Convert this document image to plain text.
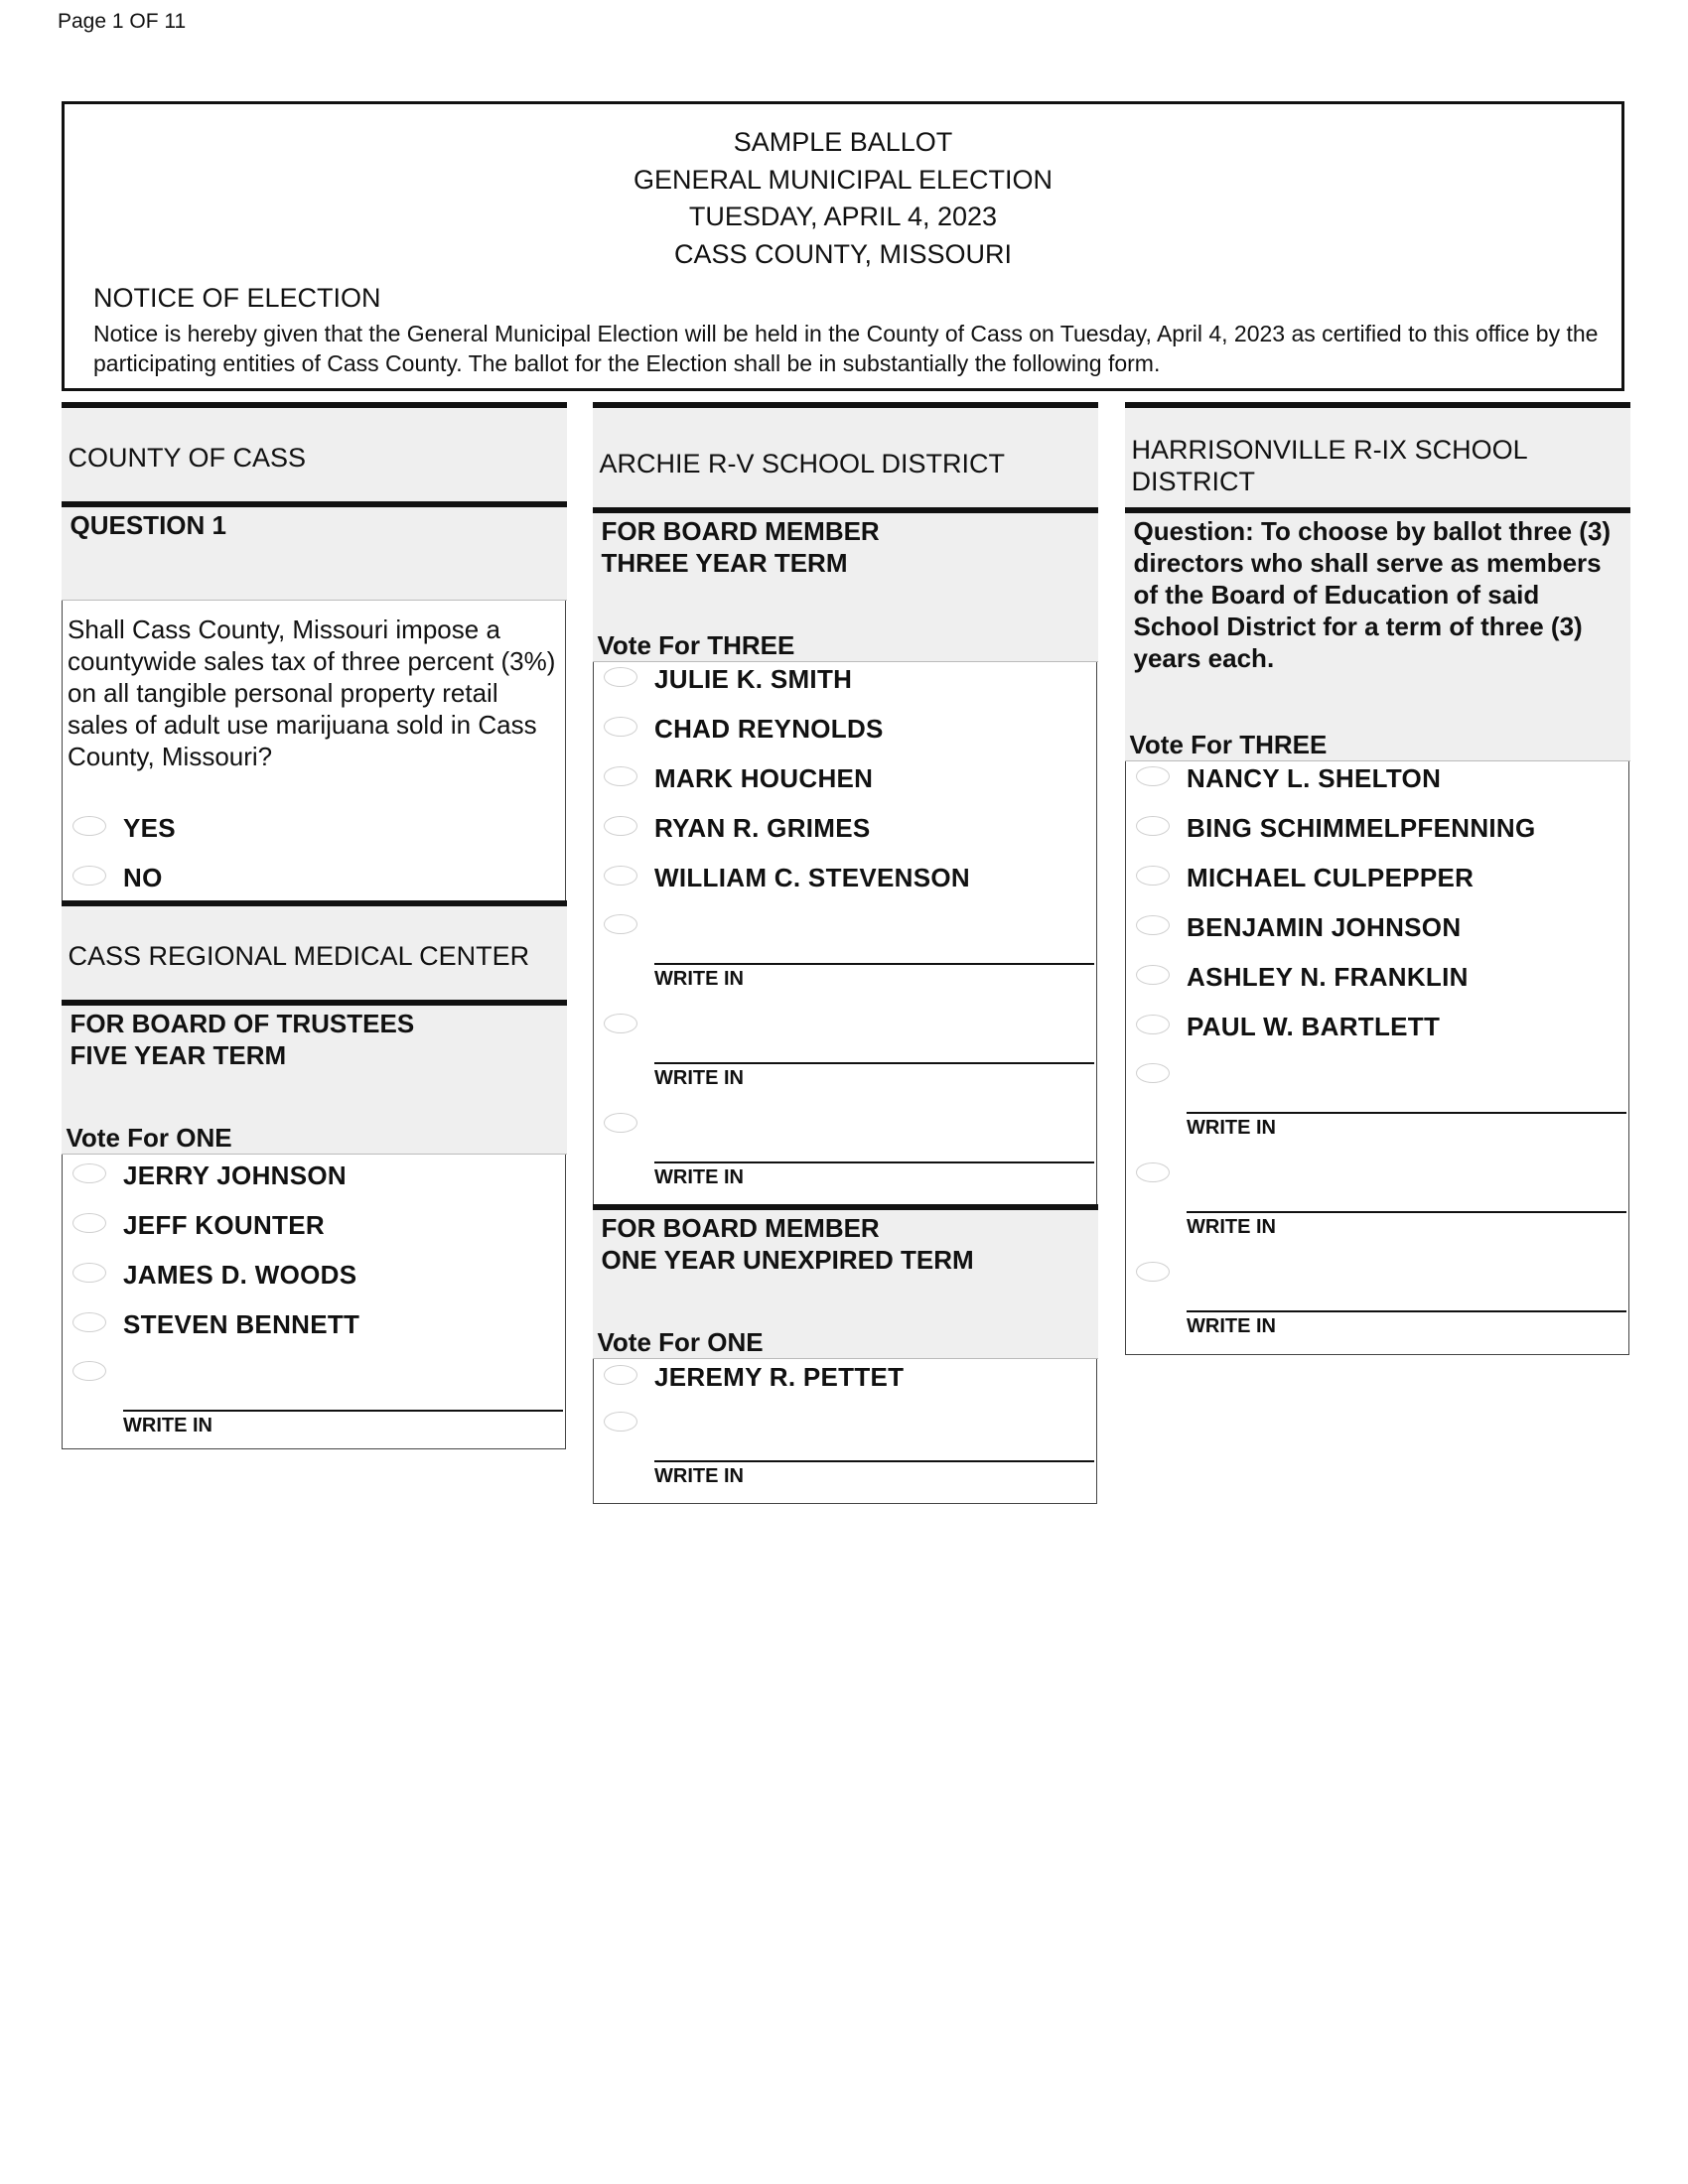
Page 1 OF 11
SAMPLE BALLOT
GENERAL MUNICIPAL ELECTION
TUESDAY, APRIL 4, 2023
CASS COUNTY, MISSOURI
NOTICE OF ELECTION
Notice is hereby given that the General Municipal Election will be held in the County of Cass on Tuesday, April 4, 2023 as certified to this office by the participating entities of Cass County. The ballot for the Election shall be in substantially the following form.
COUNTY OF CASS
QUESTION 1
Shall Cass County, Missouri impose a countywide sales tax of three percent (3%) on all tangible personal property retail sales of adult use marijuana sold in Cass County, Missouri?
YES
NO
CASS REGIONAL MEDICAL CENTER
FOR BOARD OF TRUSTEES
FIVE YEAR TERM
Vote For ONE
JERRY JOHNSON
JEFF KOUNTER
JAMES D. WOODS
STEVEN BENNETT
WRITE IN
ARCHIE R-V SCHOOL DISTRICT
FOR BOARD MEMBER
THREE YEAR TERM
Vote For THREE
JULIE K. SMITH
CHAD REYNOLDS
MARK HOUCHEN
RYAN R. GRIMES
WILLIAM C. STEVENSON
WRITE IN
WRITE IN
WRITE IN
FOR BOARD MEMBER
ONE YEAR UNEXPIRED TERM
Vote For ONE
JEREMY R. PETTET
WRITE IN
HARRISONVILLE R-IX SCHOOL
DISTRICT
Question: To choose by ballot three (3) directors who shall serve as members of the Board of Education of said School District for a term of three (3) years each.
Vote For THREE
NANCY L. SHELTON
BING SCHIMMELPFENNING
MICHAEL CULPEPPER
BENJAMIN JOHNSON
ASHLEY N. FRANKLIN
PAUL W. BARTLETT
WRITE IN
WRITE IN
WRITE IN
